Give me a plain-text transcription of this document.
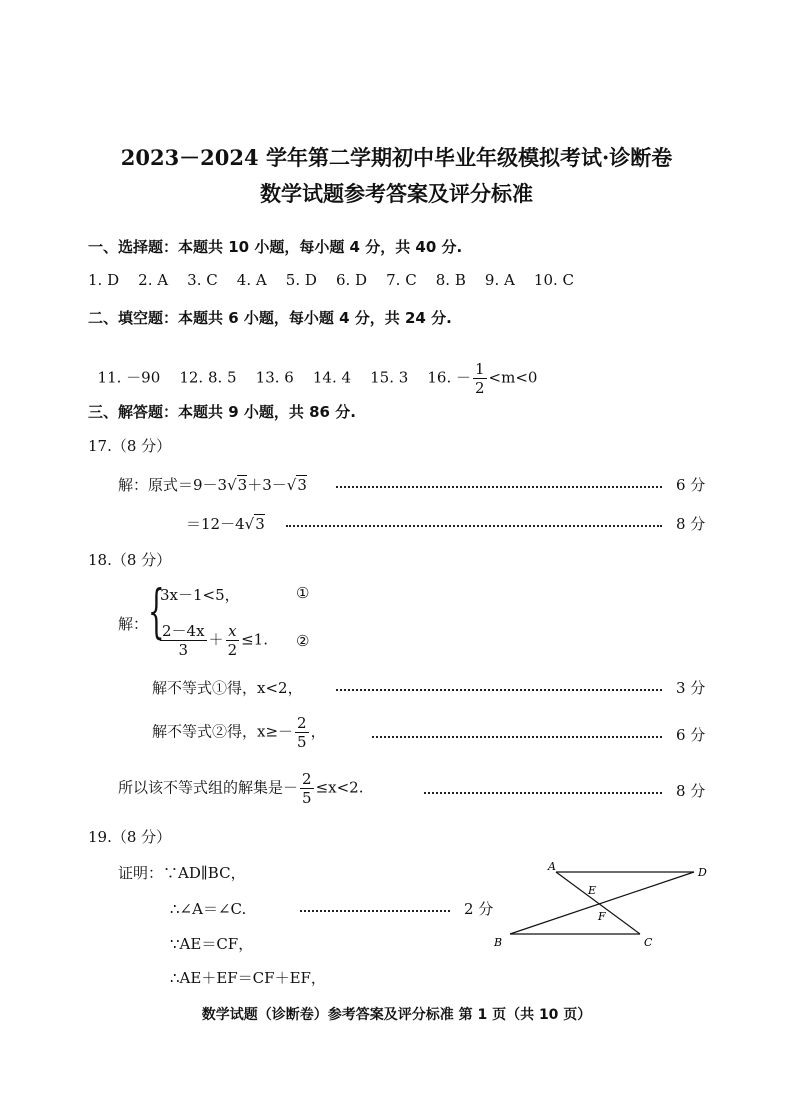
2023－2024 学年第二学期初中毕业年级模拟考试·诊断卷
数学试题参考答案及评分标准
一、选择题：本题共 10 小题，每小题 4 分，共 40 分.
1. D    2. A    3. C    4. A    5. D    6. D    7. C    8. B    9. A    10. C
二、填空题：本题共 6 小题，每小题 4 分，共 24 分.

11. －90    12. 8. 5    13. 6    14. 4    15. 3    16. － $\frac{1}{2} <m<0$

三、解答题：本题共 9 小题，共 86 分.
17.（8 分）
解：原式＝9－3√3＋3－√3	6 分
＝12－4√3	8 分
18.（8 分）
解： {
3x－1<5，	①
$\frac{2-4x}{3} + \frac{x}{2} \le 1$. ②
解不等式①得，x<2，	3 分
解不等式②得，$x\ge- \frac{2}{5}$ ，	6 分
所以该不等式组的解集是－ $\frac{2}{5} \le x<2$.	8 分
19.（8 分）
证明：∵AD∥BC，
∴∠A＝∠C.	2 分
∵AE＝CF，
∴AE＋EF＝CF＋EF，
A	D
B	C
E
F
数学试题（诊断卷）参考答案及评分标准 第 1 页（共 10 页）
